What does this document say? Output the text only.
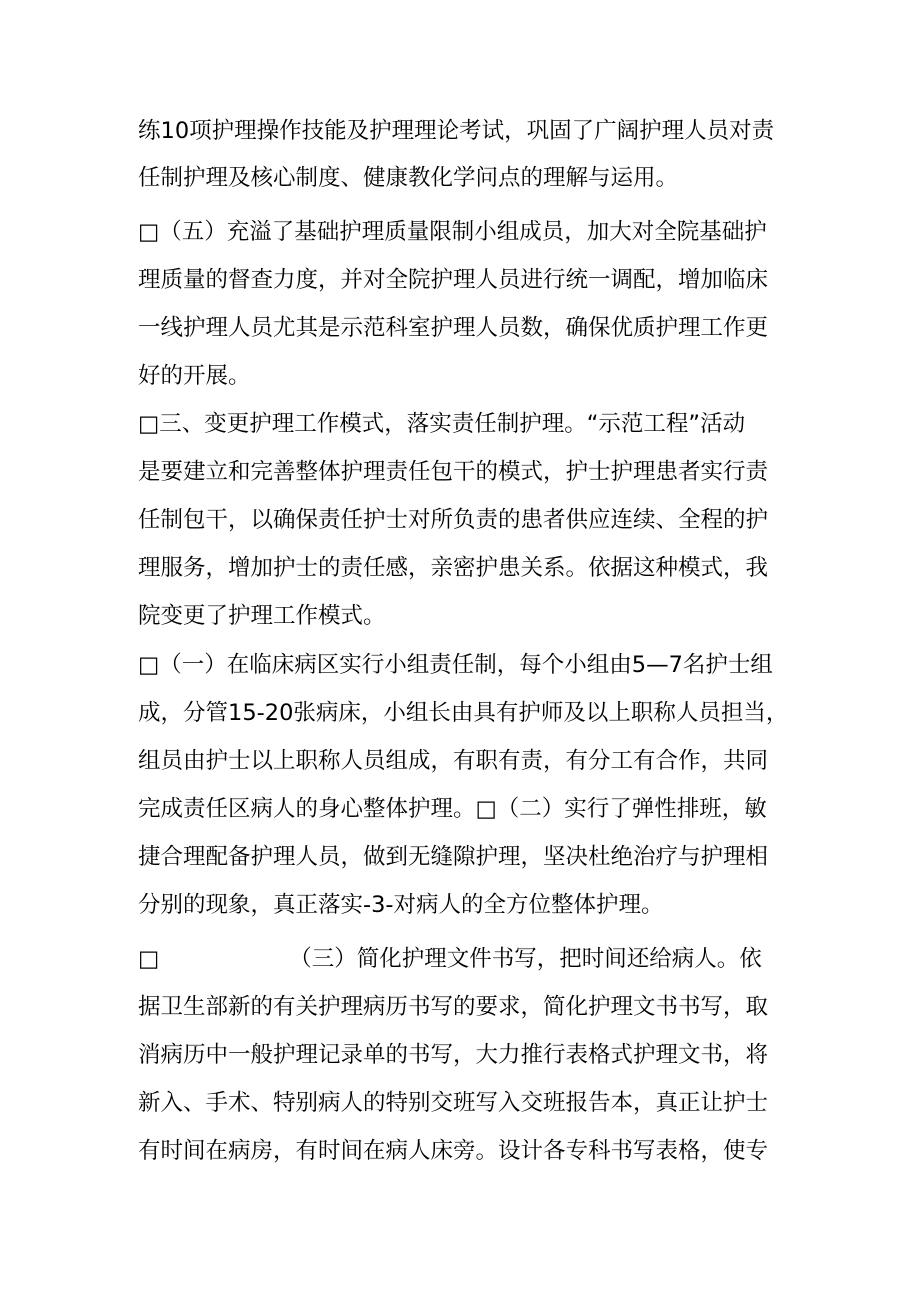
练10项护理操作技能及护理理论考试，巩固了广阔护理人员对责
任制护理及核心制度、健康教化学问点的理解与运用。
□（五）充溢了基础护理质量限制小组成员，加大对全院基础护
理质量的督查力度，并对全院护理人员进行统一调配，增加临床
一线护理人员尤其是示范科室护理人员数，确保优质护理工作更
好的开展。
□三、变更护理工作模式，落实责任制护理。“示范工程”活动
是要建立和完善整体护理责任包干的模式，护士护理患者实行责
任制包干，以确保责任护士对所负责的患者供应连续、全程的护
理服务，增加护士的责任感，亲密护患关系。依据这种模式，我
院变更了护理工作模式。
□（一）在临床病区实行小组责任制，每个小组由5—7名护士组
成，分管15-20张病床，小组长由具有护师及以上职称人员担当，
组员由护士以上职称人员组成，有职有责，有分工有合作，共同
完成责任区病人的身心整体护理。□（二）实行了弹性排班，敏
捷合理配备护理人员，做到无缝隙护理，坚决杜绝治疗与护理相
分别的现象，真正落实-3-对病人的全方位整体护理。
□	（三）简化护理文件书写，把时间还给病人。依
据卫生部新的有关护理病历书写的要求，简化护理文书书写，取
消病历中一般护理记录单的书写，大力推行表格式护理文书，将
新入、手术、特别病人的特别交班写入交班报告本，真正让护士
有时间在病房，有时间在病人床旁。设计各专科书写表格，使专
